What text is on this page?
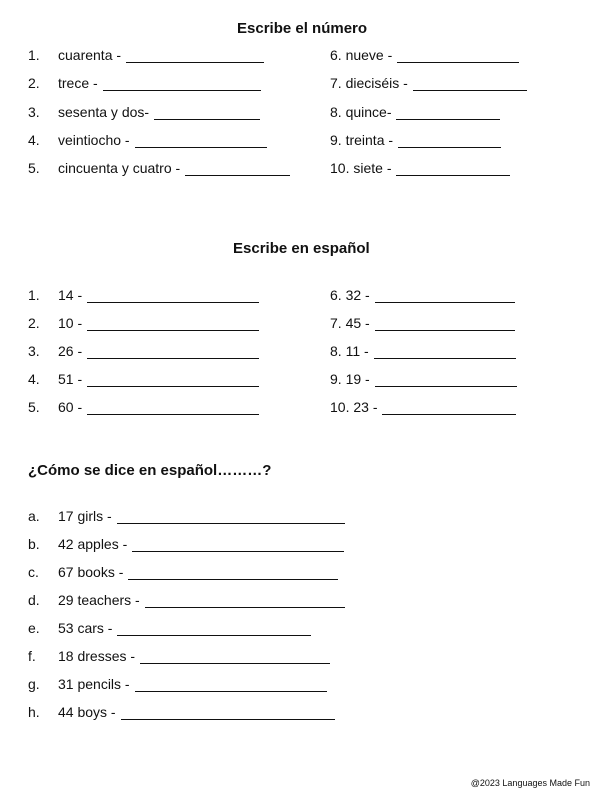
Escribe el número
1. cuarenta -
2. trece -
3. sesenta y dos-
4. veintiocho -
5. cincuenta y cuatro -
6. nueve -
7. dieciséis -
8. quince-
9. treinta -
10. siete -
Escribe en español
1. 14 -
2. 10 -
3. 26 -
4. 51 -
5. 60 -
6. 32 -
7. 45 -
8. 11 -
9. 19 -
10. 23 -
¿Cómo se dice en español………?
a. 17 girls -
b. 42 apples -
c. 67 books -
d. 29 teachers -
e. 53 cars -
f. 18 dresses -
g. 31 pencils -
h. 44 boys -
@2023 Languages Made Fun
